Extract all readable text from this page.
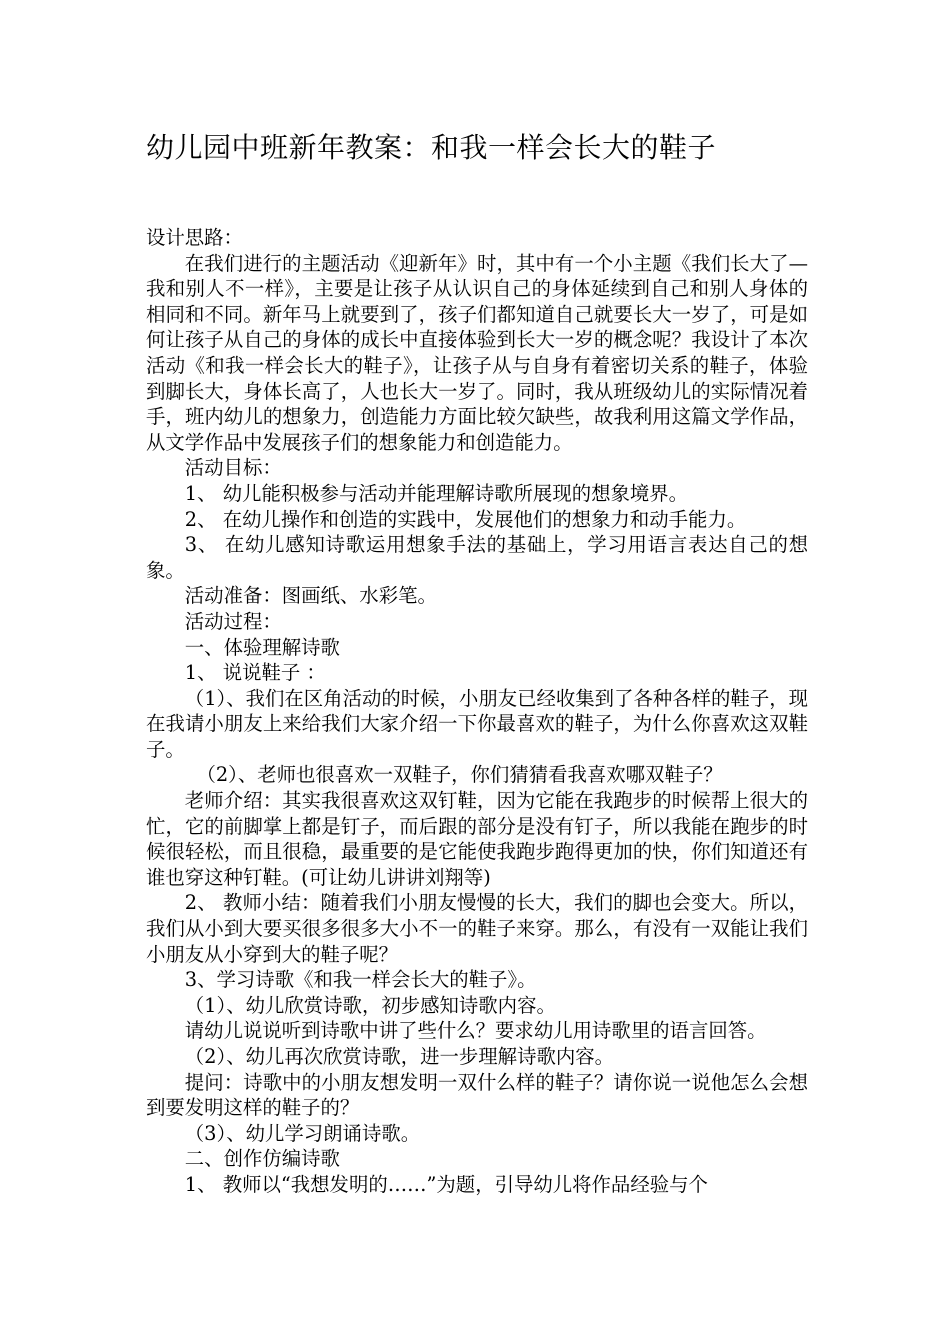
幼儿园中班新年教案：和我一样会长大的鞋子

设计思路：

在我们进行的主题活动《迎新年》时，其中有一个小主题《我们长大了—我和别人不一样》，主要是让孩子从认识自己的身体延续到自己和别人身体的相同和不同。新年马上就要到了，孩子们都知道自己就要长大一岁了，可是如何让孩子从自己的身体的成长中直接体验到长大一岁的概念呢？我设计了本次活动《和我一样会长大的鞋子》，让孩子从与自身有着密切关系的鞋子，体验到脚长大，身体长高了，人也长大一岁了。同时，我从班级幼儿的实际情况着手，班内幼儿的想象力，创造能力方面比较欠缺些，故我利用这篇文学作品，从文学作品中发展孩子们的想象能力和创造能力。

活动目标：

1、 幼儿能积极参与活动并能理解诗歌所展现的想象境界。

2、 在幼儿操作和创造的实践中，发展他们的想象力和动手能力。

3、 在幼儿感知诗歌运用想象手法的基础上，学习用语言表达自己的想象。

活动准备：图画纸、水彩笔。

活动过程：

一、体验理解诗歌

1、 说说鞋子 ：

（1）、我们在区角活动的时候，小朋友已经收集到了各种各样的鞋子，现在我请小朋友上来给我们大家介绍一下你最喜欢的鞋子，为什么你喜欢这双鞋子。

（2）、老师也很喜欢一双鞋子，你们猜猜看我喜欢哪双鞋子？

老师介绍：其实我很喜欢这双钉鞋，因为它能在我跑步的时候帮上很大的忙，它的前脚掌上都是钉子，而后跟的部分是没有钉子，所以我能在跑步的时候很轻松，而且很稳，最重要的是它能使我跑步跑得更加的快，你们知道还有谁也穿这种钉鞋。(可让幼儿讲讲刘翔等)

2、 教师小结：随着我们小朋友慢慢的长大，我们的脚也会变大。所以，我们从小到大要买很多很多大小不一的鞋子来穿。那么，有没有一双能让我们小朋友从小穿到大的鞋子呢？

3、学习诗歌《和我一样会长大的鞋子》。

（1）、幼儿欣赏诗歌，初步感知诗歌内容。

请幼儿说说听到诗歌中讲了些什么？要求幼儿用诗歌里的语言回答。

（2）、幼儿再次欣赏诗歌，进一步理解诗歌内容。

提问：诗歌中的小朋友想发明一双什么样的鞋子？请你说一说他怎么会想到要发明这样的鞋子的？

（3）、幼儿学习朗诵诗歌。

二、创作仿编诗歌

1、 教师以“我想发明的……”为题，引导幼儿将作品经验与个
